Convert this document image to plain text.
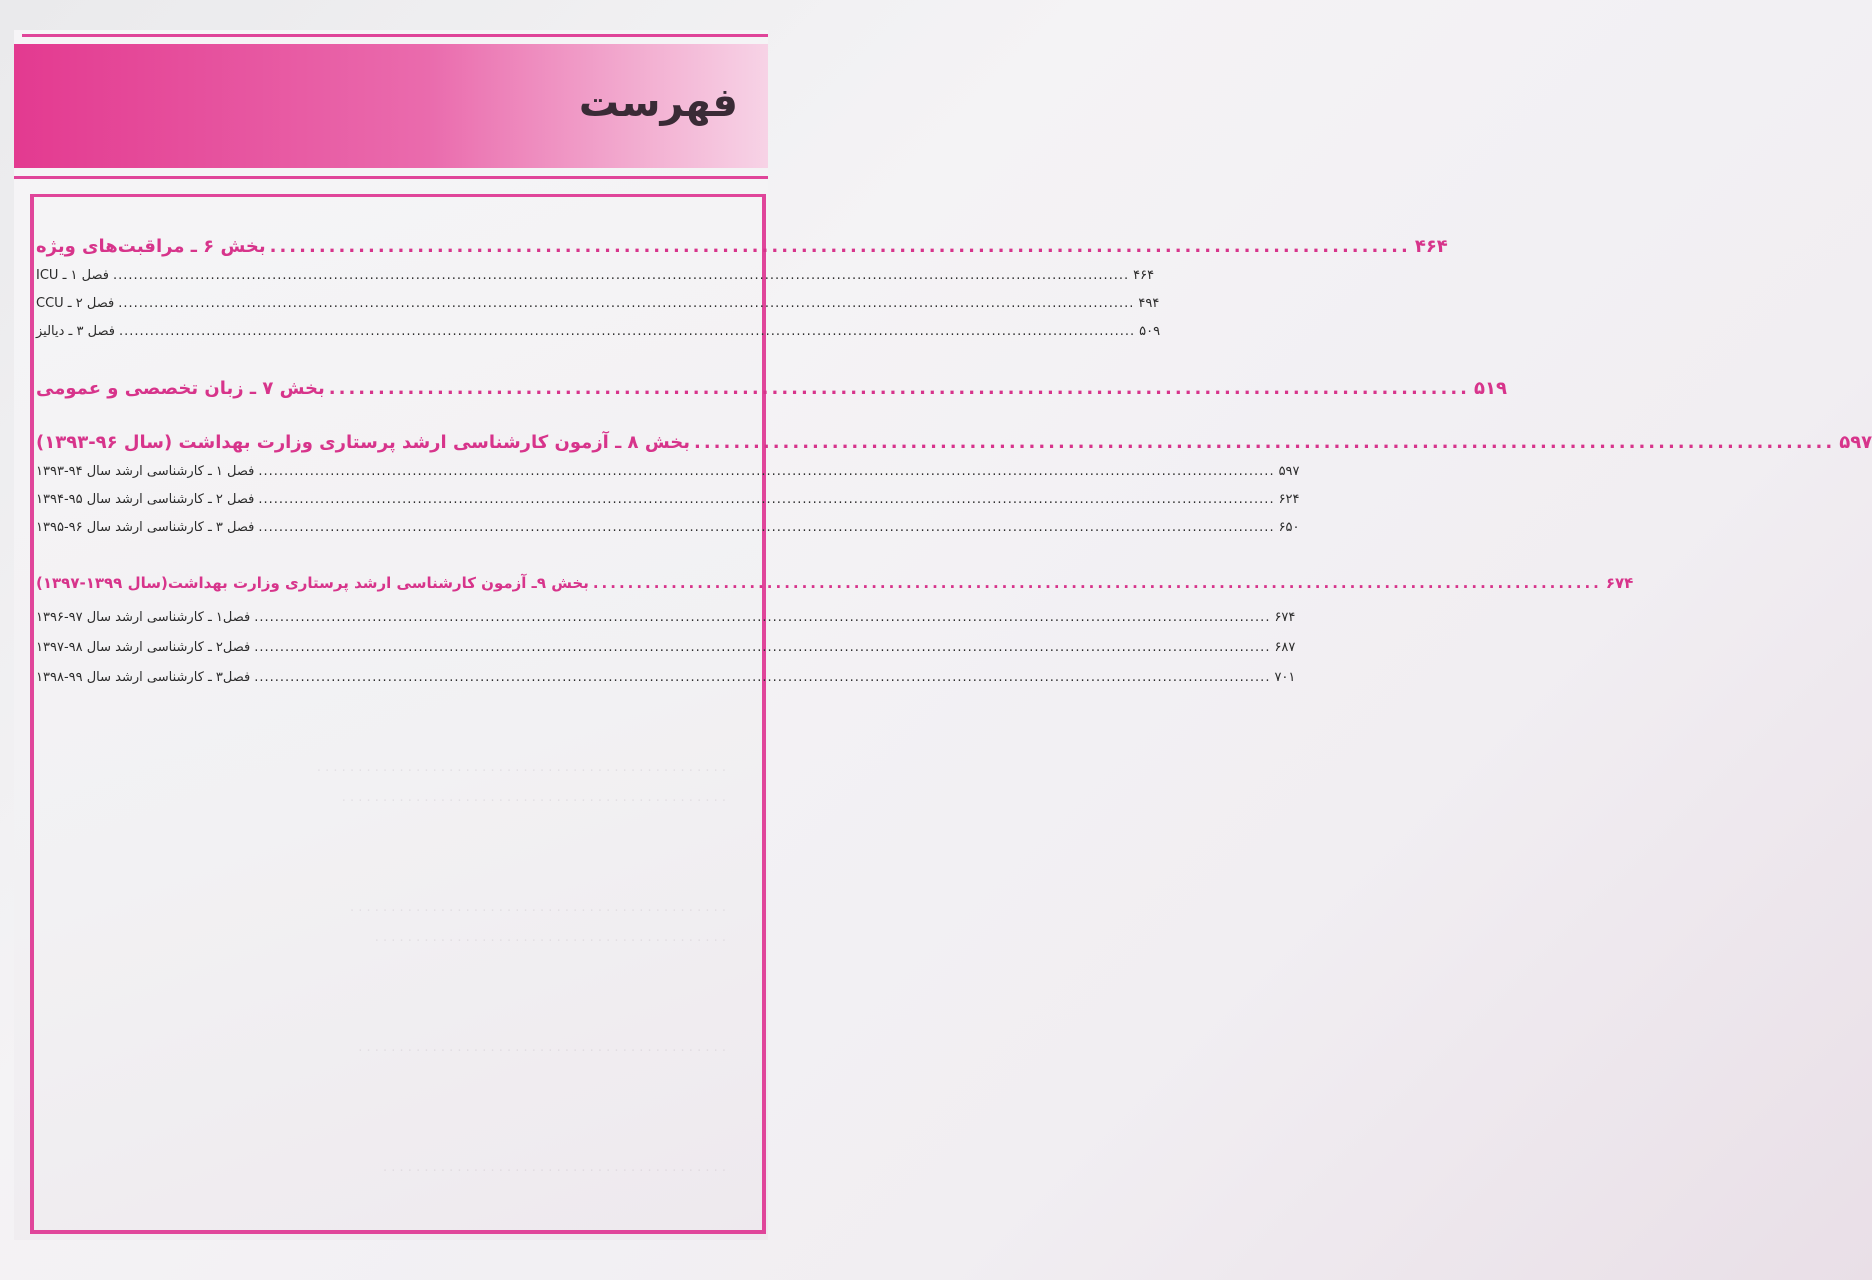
فهرست
. . . . . . . . . . . . . . . . . . . . . . . . . . . . . . . . . . . . . . . . . . . . . . . . . .
. . . . . . . . . . . . . . . . . . . . . . . . . . . . . . . . . . . . . . . . . . . . . . .
. . . . . . . . . . . . . . . . . . . . . . . . . . . . . . . . . . . . . . . . . . . . . .
. . . . . . . . . . . . . . . . . . . . . . . . . . . . . . . . . . . . . . . . . . .
. . . . . . . . . . . . . . . . . . . . . . . . . . . . . . . . . . . . . . . . . . . . .
. . . . . . . . . . . . . . . . . . . . . . . . . . . . . . . . . . . . . . . . . .
بخش ۶ ـ مراقبت‌های ویژه .................................................................................................................... ۴۶۴
فصل ۱ ـ ICU ...................................................................................................................................................................................................... ۴۶۴
فصل ۲ ـ CCU ...................................................................................................................................................................................................... ۴۹۴
فصل ۳ ـ دیالیز ...................................................................................................................................................................................................... ۵۰۹
بخش ۷ ـ زبان تخصصی و عمومی .................................................................................................................... ۵۱۹
بخش ۸ ـ آزمون کارشناسی ارشد پرستاری وزارت بهداشت (سال ۹۶-۱۳۹۳) .................................................................................................................... ۵۹۷
فصل ۱ ـ کارشناسی ارشد سال ۹۴-۱۳۹۳ ...................................................................................................................................................................................................... ۵۹۷
فصل ۲ ـ کارشناسی ارشد سال ۹۵-۱۳۹۴ ...................................................................................................................................................................................................... ۶۲۴
فصل ۳ ـ کارشناسی ارشد سال ۹۶-۱۳۹۵ ...................................................................................................................................................................................................... ۶۵۰
بخش ۹ـ آزمون کارشناسی ارشد پرستاری وزارت بهداشت(سال ۱۳۹۹-۱۳۹۷) .................................................................................................................... ۶۷۴
فصل۱ ـ کارشناسی ارشد سال ۹۷-۱۳۹۶ ...................................................................................................................................................................................................... ۶۷۴
فصل۲ ـ کارشناسی ارشد سال ۹۸-۱۳۹۷ ...................................................................................................................................................................................................... ۶۸۷
فصل۳ ـ کارشناسی ارشد سال ۹۹-۱۳۹۸ ...................................................................................................................................................................................................... ۷۰۱
